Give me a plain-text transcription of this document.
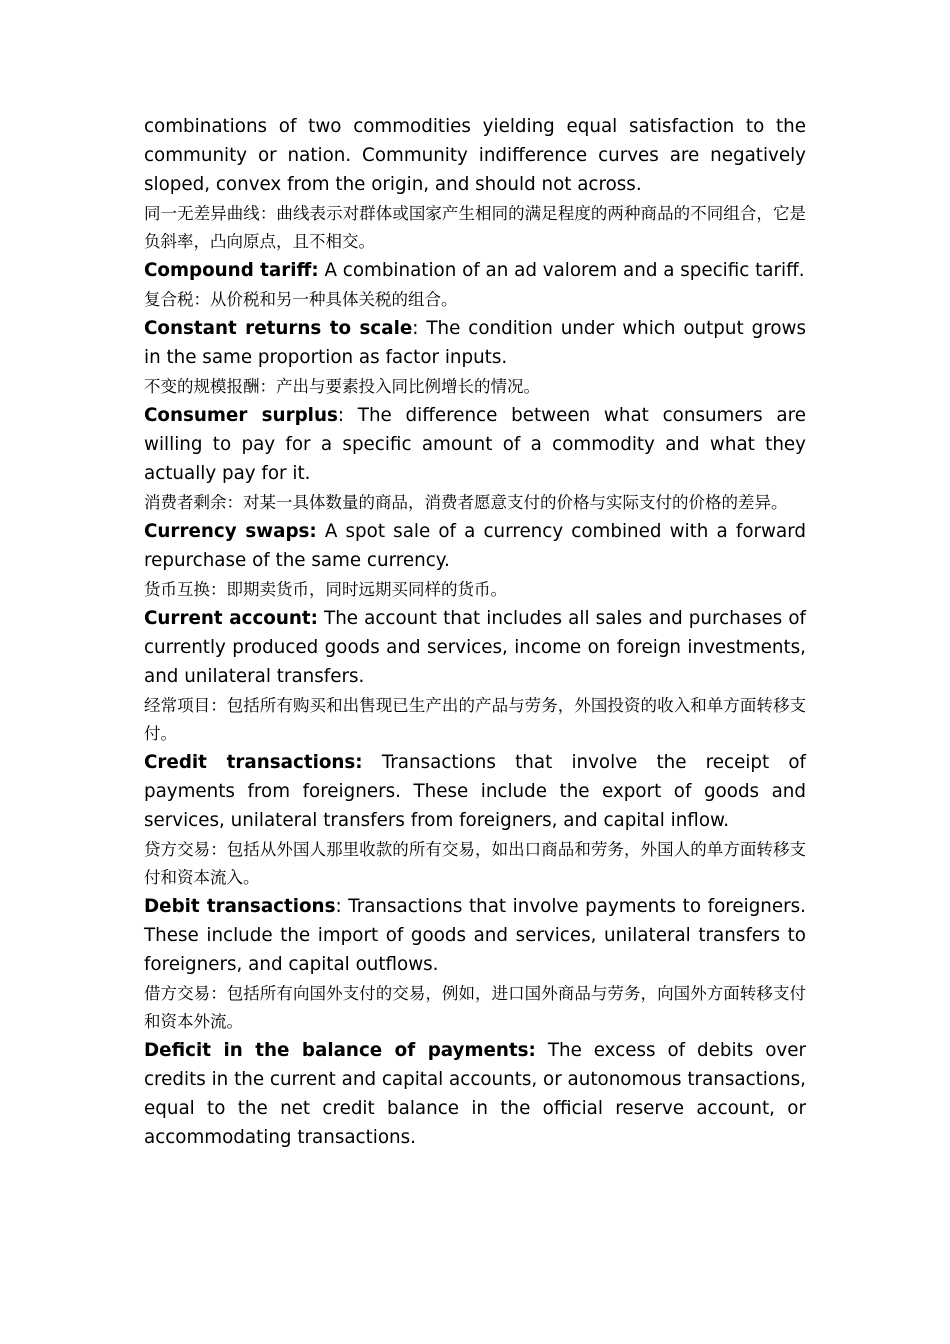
combinations of two commodities yielding equal satisfaction to the community or nation. Community indifference curves are negatively sloped, convex from the origin, and should not across.

同一无差异曲线：曲线表示对群体或国家产生相同的满足程度的两种商品的不同组合，它是负斜率，凸向原点，且不相交。

Compound tariff: A combination of an ad valorem and a specific tariff.

复合税：从价税和另一种具体关税的组合。

Constant returns to scale: The condition under which output grows in the same proportion as factor inputs.

不变的规模报酬：产出与要素投入同比例增长的情况。

Consumer surplus: The difference between what consumers are willing to pay for a specific amount of a commodity and what they actually pay for it.

消费者剩余：对某一具体数量的商品，消费者愿意支付的价格与实际支付的价格的差异。

Currency swaps: A spot sale of a currency combined with a forward repurchase of the same currency.

货币互换：即期卖货币，同时远期买同样的货币。

Current account: The account that includes all sales and purchases of currently produced goods and services, income on foreign investments, and unilateral transfers.

经常项目：包括所有购买和出售现已生产出的产品与劳务，外国投资的收入和单方面转移支付。

Credit transactions: Transactions that involve the receipt of payments from foreigners. These include the export of goods and services, unilateral transfers from foreigners, and capital inflow.

贷方交易：包括从外国人那里收款的所有交易，如出口商品和劳务，外国人的单方面转移支付和资本流入。

Debit transactions: Transactions that involve payments to foreigners. These include the import of goods and services, unilateral transfers to foreigners, and capital outflows.

借方交易：包括所有向国外支付的交易，例如，进口国外商品与劳务，向国外方面转移支付和资本外流。

Deficit in the balance of payments: The excess of debits over credits in the current and capital accounts, or autonomous transactions, equal to the net credit balance in the official reserve account, or accommodating transactions.
